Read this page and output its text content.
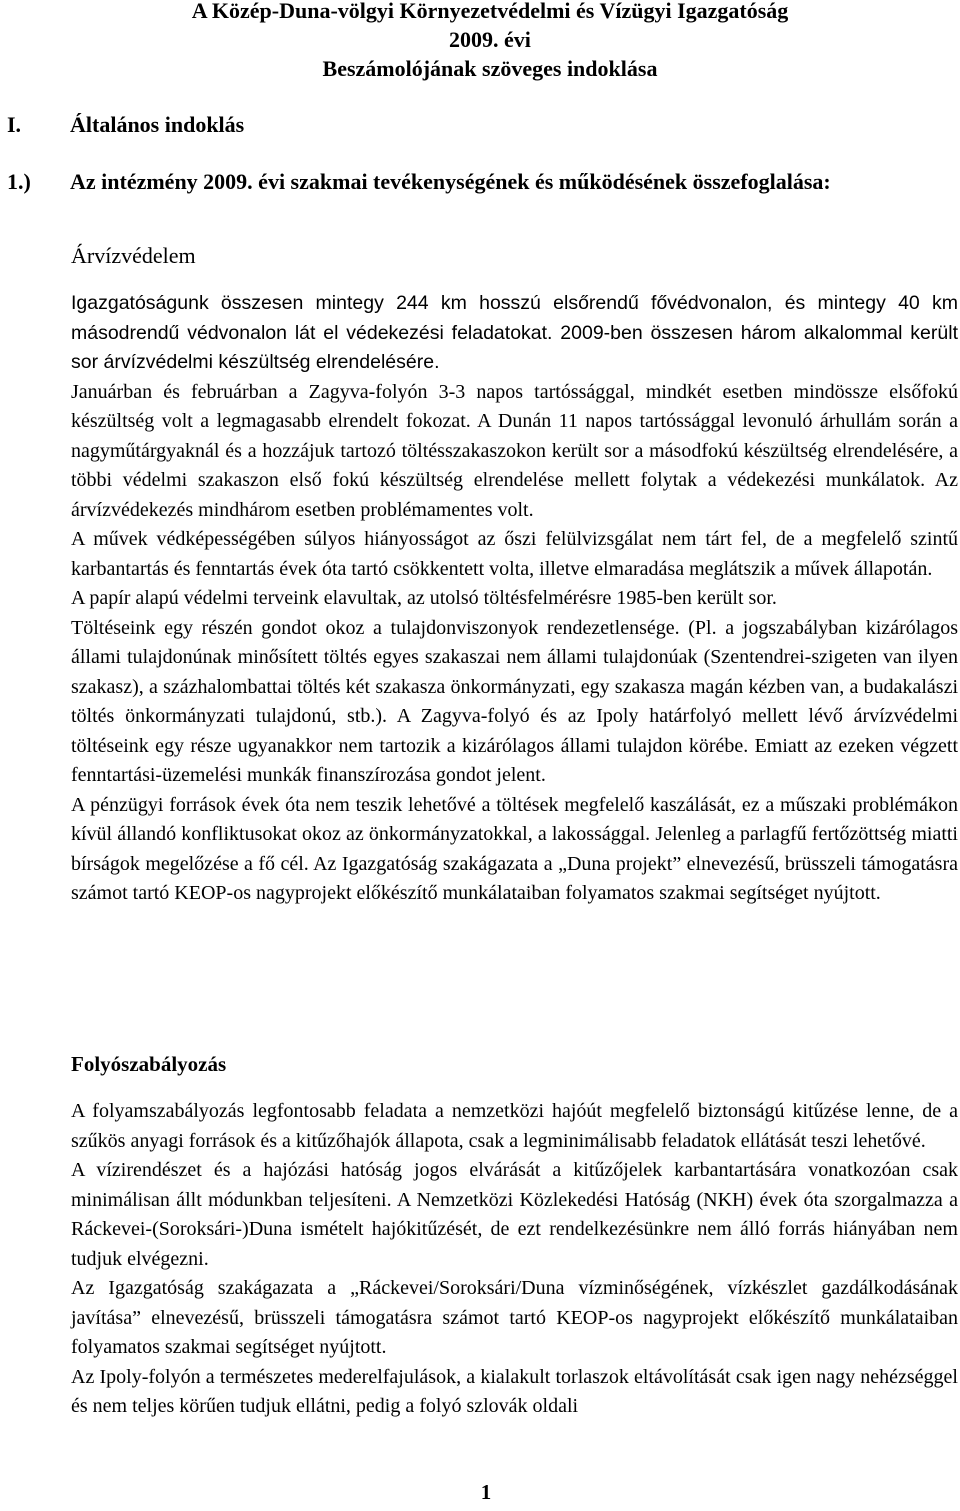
A Közép-Duna-völgyi Környezetvédelmi és Vízügyi Igazgatóság
2009. évi
Beszámolójának szöveges indoklása
I. Általános indoklás
1.) Az intézmény 2009. évi szakmai tevékenységének és működésének összefoglalása:
Árvízvédelem

Igazgatóságunk összesen mintegy 244 km hosszú elsőrendű fővédvonalon, és mintegy 40 km másodrendű védvonalon lát el védekezési feladatokat. 2009-ben összesen három alkalommal került sor árvízvédelmi készültség elrendelésére.

Januárban és februárban a Zagyva-folyón 3-3 napos tartóssággal, mindkét esetben mindössze elsőfokú készültség volt a legmagasabb elrendelt fokozat. A Dunán 11 napos tartóssággal levonuló árhullám során a nagyműtárgyaknál és a hozzájuk tartozó töltésszakaszokon került sor a másodfokú készültség elrendelésére, a többi védelmi szakaszon első fokú készültség elrendelése mellett folytak a védekezési munkálatok. Az árvízvédekezés mindhárom esetben problémamentes volt.

A művek védképességében súlyos hiányosságot az őszi felülvizsgálat nem tárt fel, de a megfelelő szintű karbantartás és fenntartás évek óta tartó csökkentett volta, illetve elmaradása meglátszik a művek állapotán.

A papír alapú védelmi terveink elavultak, az utolsó töltésfelmérésre 1985-ben került sor.

Töltéseink egy részén gondot okoz a tulajdonviszonyok rendezetlensége. (Pl. a jogszabályban kizárólagos állami tulajdonúnak minősített töltés egyes szakaszai nem állami tulajdonúak (Szentendrei-szigeten van ilyen szakasz), a százhalombattai töltés két szakasza önkormányzati, egy szakasza magán kézben van, a budakalászi töltés önkormányzati tulajdonú, stb.). A Zagyva-folyó és az Ipoly határfolyó mellett lévő árvízvédelmi töltéseink egy része ugyanakkor nem tartozik a kizárólagos állami tulajdon körébe. Emiatt az ezeken végzett fenntartási-üzemelési munkák finanszírozása gondot jelent.

A pénzügyi források évek óta nem teszik lehetővé a töltések megfelelő kaszálását, ez a műszaki problémákon kívül állandó konfliktusokat okoz az önkormányzatokkal, a lakossággal. Jelenleg a parlagfű fertőzöttség miatti bírságok megelőzése a fő cél. Az Igazgatóság szakágazata a „Duna projekt” elnevezésű, brüsszeli támogatásra számot tartó KEOP-os nagyprojekt előkészítő munkálataiban folyamatos szakmai segítséget nyújtott.

Folyószabályozás

A folyamszabályozás legfontosabb feladata a nemzetközi hajóút megfelelő biztonságú kitűzése lenne, de a szűkös anyagi források és a kitűzőhajók állapota, csak a legminimálisabb feladatok ellátását teszi lehetővé.

A vízirendészet és a hajózási hatóság jogos elvárását a kitűzőjelek karbantartására vonatkozóan csak minimálisan állt módunkban teljesíteni. A Nemzetközi Közlekedési Hatóság (NKH) évek óta szorgalmazza a Ráckevei-(Soroksári-)Duna ismételt hajókitűzését, de ezt rendelkezésünkre nem álló forrás hiányában nem tudjuk elvégezni.

Az Igazgatóság szakágazata a „Ráckevei/Soroksári/Duna vízminőségének, vízkészlet gazdálkodásának javítása” elnevezésű, brüsszeli támogatásra számot tartó KEOP-os nagyprojekt előkészítő munkálataiban folyamatos szakmai segítséget nyújtott.

Az Ipoly-folyón a természetes mederelfajulások, a kialakult torlaszok eltávolítását csak igen nagy nehézséggel és nem teljes körűen tudjuk ellátni, pedig a folyó szlovák oldali

1
